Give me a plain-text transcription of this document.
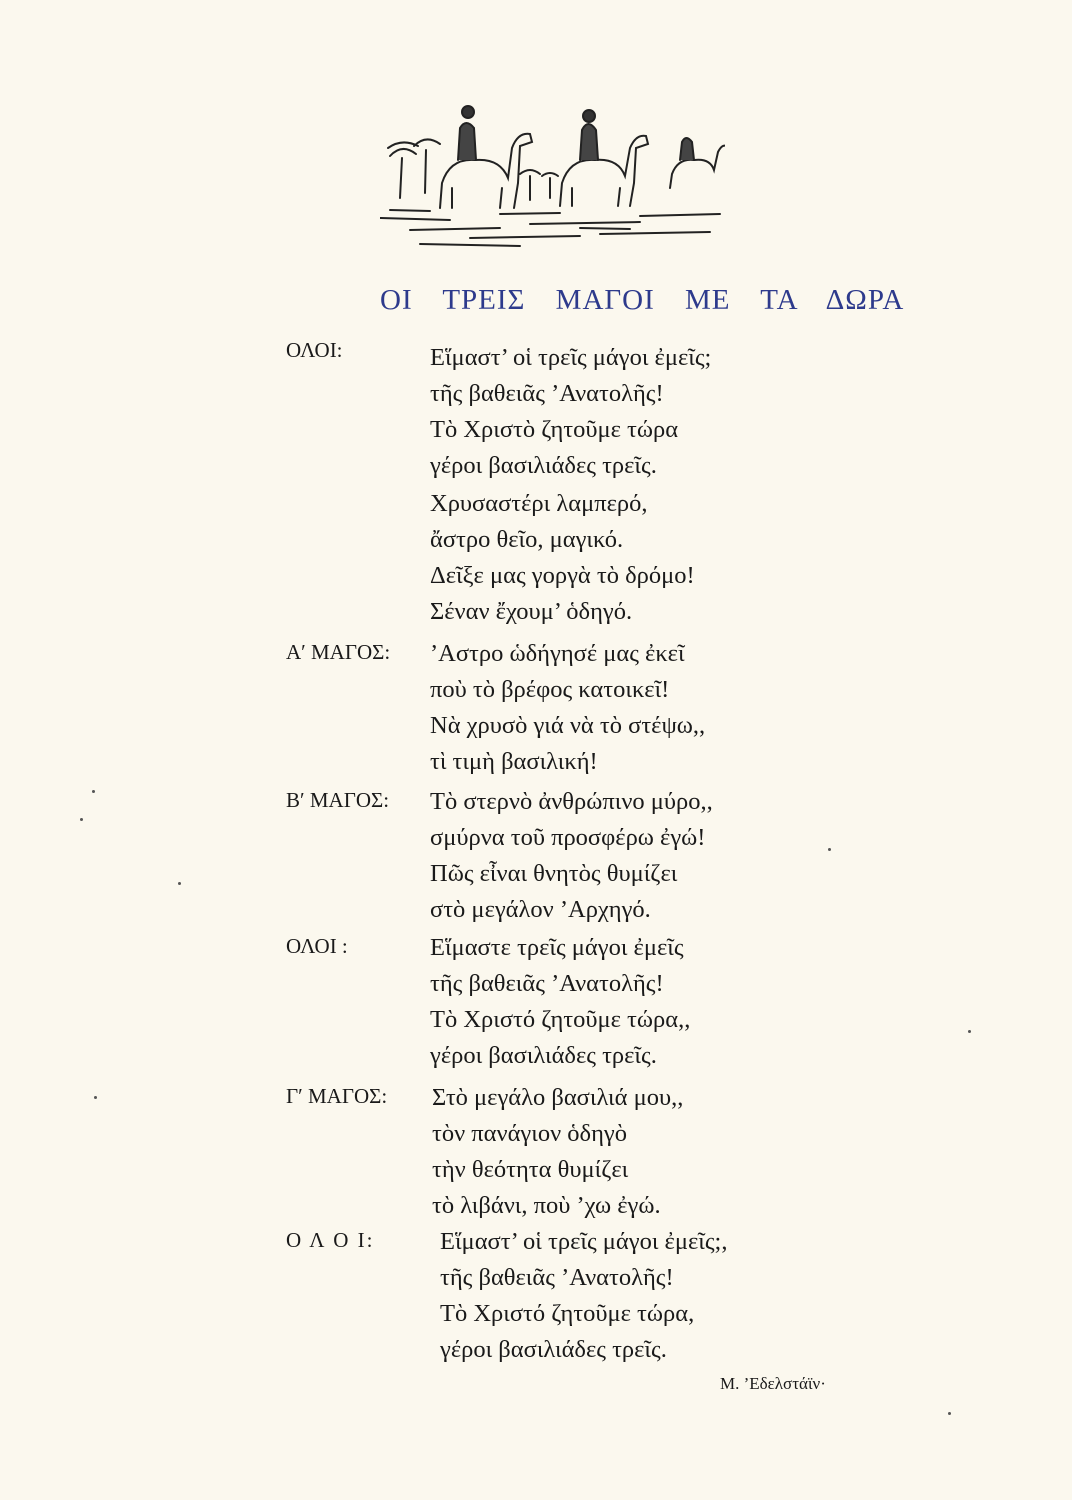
ΟΙ ΤΡΕΙΣ ΜΑΓΟΙ ΜΕ ΤΑ ΔΩΡΑ
ΟΛΟΙ:	Εἵμαστ’ οἱ τρεῖς μάγοι ἐμεῖς;
τῆς βαθειᾶς ’Ανατολῆς!
Τὸ Χριστὸ ζητοῦμε τώρα
γέροι βασιλιάδες τρεῖς.
Χρυσαστέρι λαμπερό,
ἄστρο θεῖο, μαγικό.
Δεῖξε μας γοργὰ τὸ δρόμο!
Σέναν ἔχουμ’ ὁδηγό.
Α′ ΜΑΓΟΣ: ʼΑστρο ὡδήγησέ μας ἐκεῖ
ποὺ τὸ βρέφος κατοικεῖ!
Νὰ χρυσὸ γιά νὰ τὸ στέψω,,
τὶ τιμὴ βασιλική!
Β′ ΜΑΓΟΣ: Τὸ στερνὸ ἀνθρώπινο μύρο,,
σμύρνα τοῦ προσφέρω ἐγώ!
Πῶς εἶναι θνητὸς θυμίζει
στὸ μεγάλον ’Αρχηγό.
ΟΛΟΙ :	Εἵμαστε τρεῖς μάγοι ἐμεῖς
τῆς βαθειᾶς ’Ανατολῆς!
Τὸ Χριστό ζητοῦμε τώρα,,
γέροι βασιλιάδες τρεῖς.
Γ′ ΜΑΓΟΣ: Στὸ μεγάλο βασιλιά μου,,
τὸν πανάγιον ὁδηγὸ
τὴν θεότητα θυμίζει
τὸ λιβάνι, ποὺ ’χω ἐγώ.
Ο Λ Ο Ι:	Εἵμαστ’ οἱ τρεῖς μάγοι ἐμεῖς;,
τῆς βαθειᾶς ’Ανατολῆς!
Τὸ Χριστό ζητοῦμε τώρα,
γέροι βασιλιάδες τρεῖς.
Μ. ’Εδελστάϊν·
